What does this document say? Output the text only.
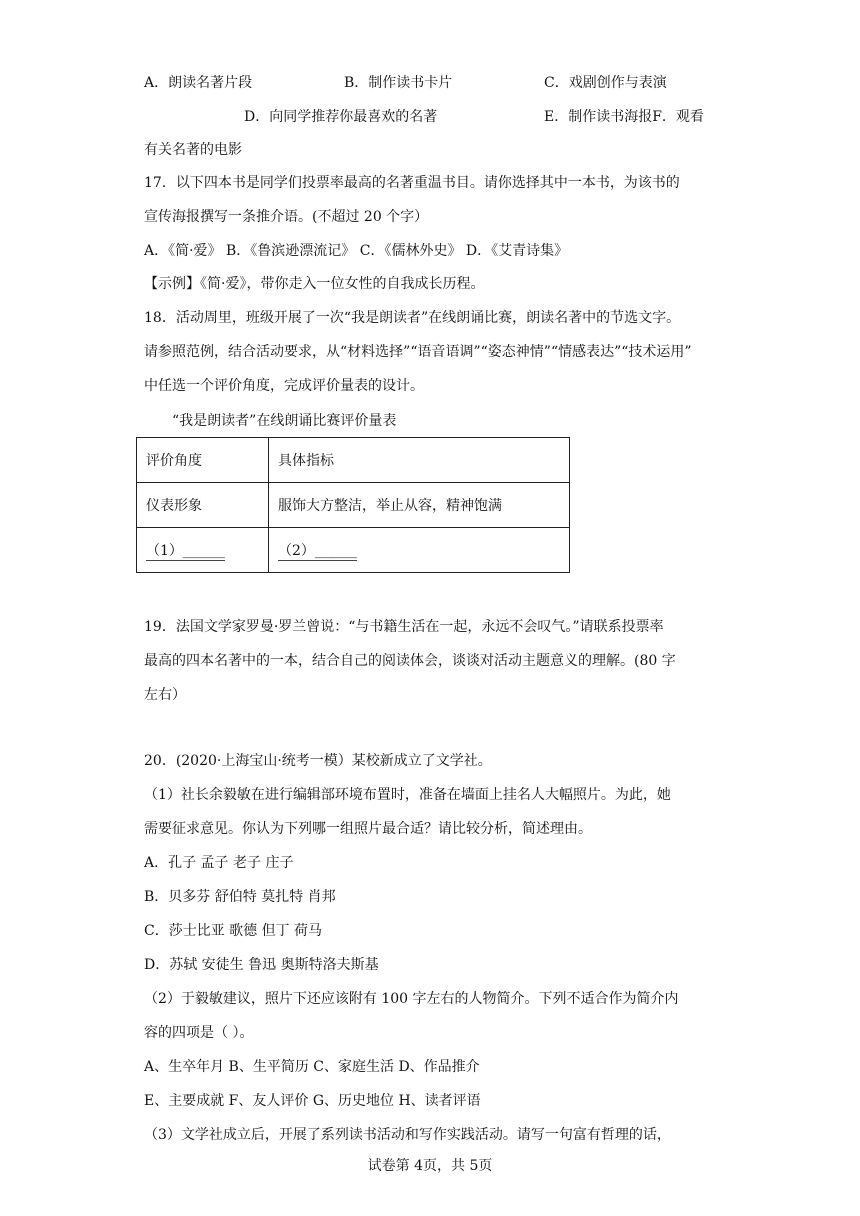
A．朗读名著片段	B．制作读书卡片	C．戏剧创作与表演
D．向同学推荐你最喜欢的名著	E．制作读书海报F．观看
有关名著的电影
17．以下四本书是同学们投票率最高的名著重温书目。请你选择其中一本书，为该书的
宣传海报撰写一条推介语。(不超过 20 个字）
A．《简·爱》 B．《鲁滨逊漂流记》 C．《儒林外史》 D．《艾青诗集》
【示例】《简·爱》，带你走入一位女性的自我成长历程。
18．活动周里，班级开展了一次“我是朗读者”在线朗诵比赛，朗读名著中的节选文字。
请参照范例，结合活动要求，从“材料选择”“语音语调”“姿态神情”“情感表达”“技术运用”
中任选一个评价角度，完成评价量表的设计。
“我是朗读者”在线朗诵比赛评价量表
评价角度	具体指标
仪表形象	服饰大方整洁，举止从容，精神饱满
（1）______	（2）______
19．法国文学家罗曼·罗兰曾说：“与书籍生活在一起，永远不会叹气。”请联系投票率
最高的四本名著中的一本，结合自己的阅读体会，谈谈对活动主题意义的理解。(80 字
左右）
20．(2020·上海宝山·统考一模）某校新成立了文学社。
（1）社长余毅敏在进行编辑部环境布置时，准备在墙面上挂名人大幅照片。为此，她
需要征求意见。你认为下列哪一组照片最合适？请比较分析，简述理由。
A．孔子 孟子 老子 庄子
B．贝多芬 舒伯特 莫扎特 肖邦
C．莎士比亚 歌德 但丁 荷马
D．苏轼 安徒生 鲁迅 奥斯特洛夫斯基
（2）于毅敏建议，照片下还应该附有 100 字左右的人物简介。下列不适合作为简介内
容的四项是（ ）。
A、生卒年月 B、生平简历 C、家庭生活 D、作品推介
E、主要成就 F、友人评价 G、历史地位 H、读者评语
（3）文学社成立后，开展了系列读书活动和写作实践活动。请写一句富有哲理的话，
试卷第 4页，共 5页
